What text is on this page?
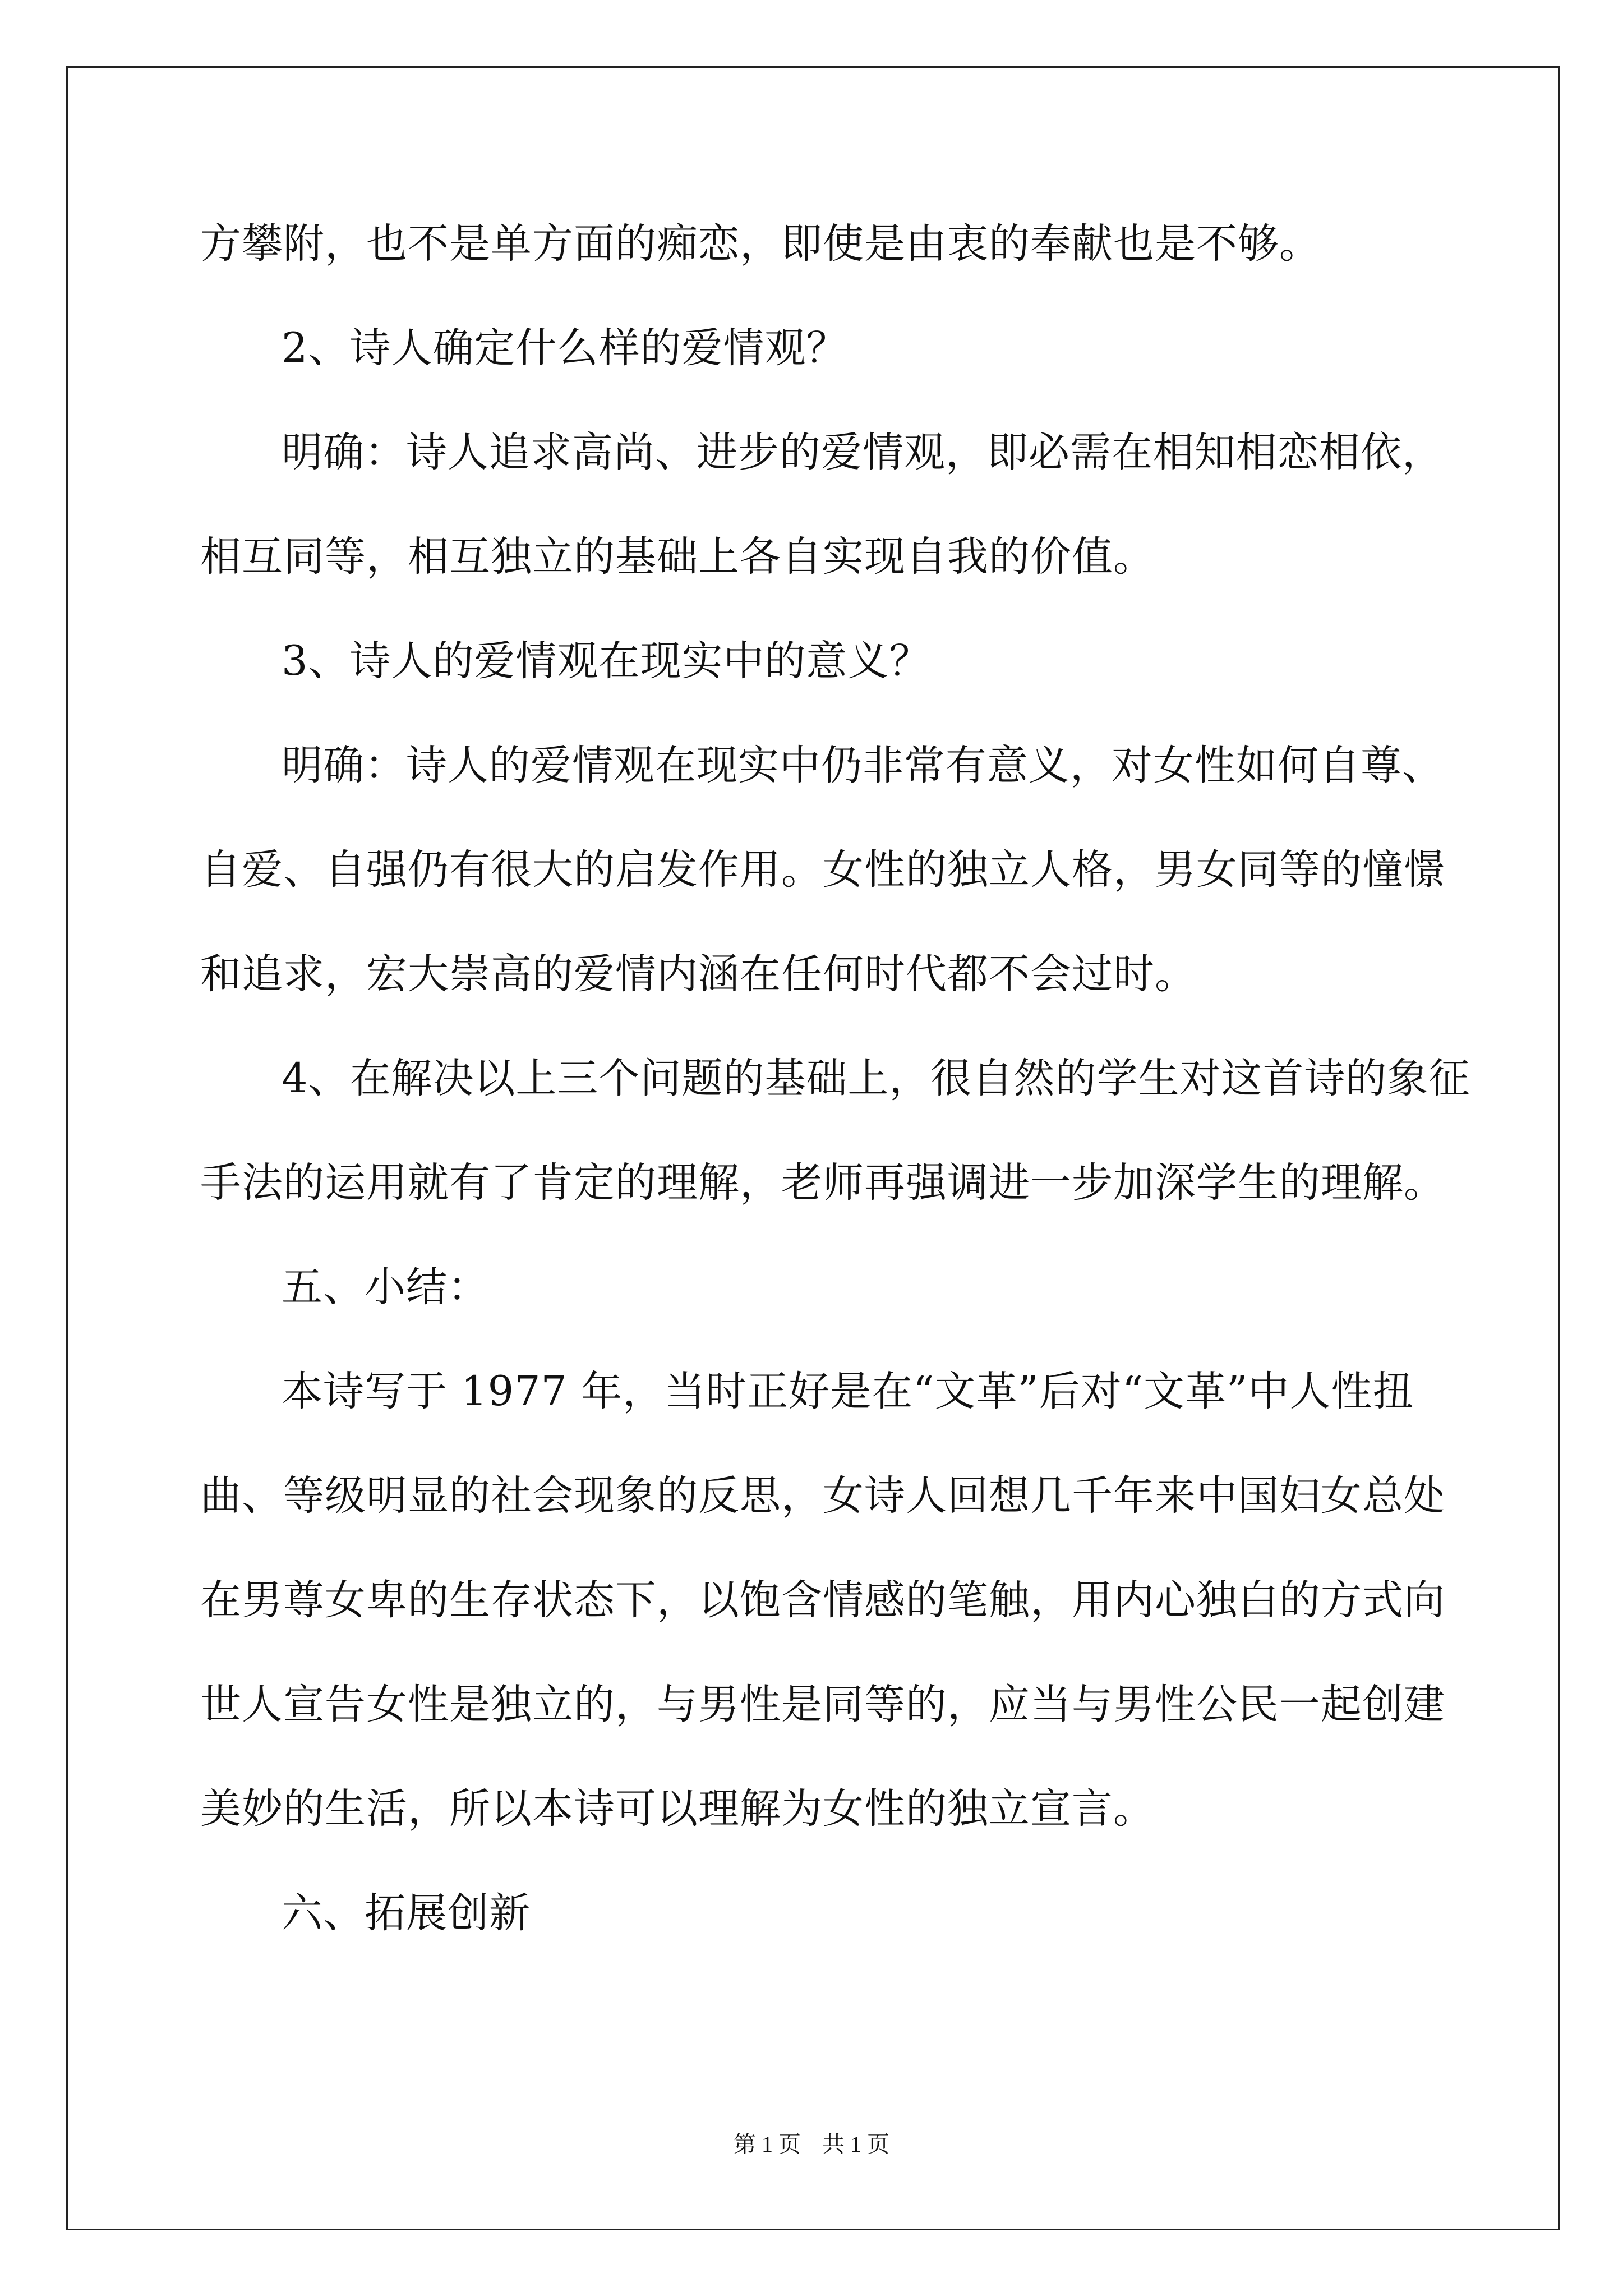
方攀附，也不是单方面的痴恋，即使是由衷的奉献也是不够。
2、诗人确定什么样的爱情观？
明确：诗人追求高尚、进步的爱情观，即必需在相知相恋相依，
相互同等，相互独立的基础上各自实现自我的价值。
3、诗人的爱情观在现实中的意义？
明确：诗人的爱情观在现实中仍非常有意义，对女性如何自尊、
自爱、自强仍有很大的启发作用。女性的独立人格，男女同等的憧憬
和追求，宏大崇高的爱情内涵在任何时代都不会过时。
4、在解决以上三个问题的基础上，很自然的学生对这首诗的象征
手法的运用就有了肯定的理解，老师再强调进一步加深学生的理解。
五、小结：
本诗写于 1977 年，当时正好是在“文革”后对“文革”中人性扭
曲、等级明显的社会现象的反思，女诗人回想几千年来中国妇女总处
在男尊女卑的生存状态下，以饱含情感的笔触，用内心独白的方式向
世人宣告女性是独立的，与男性是同等的，应当与男性公民一起创建
美妙的生活，所以本诗可以理解为女性的独立宣言。
六、拓展创新
第 1 页 共 1 页
